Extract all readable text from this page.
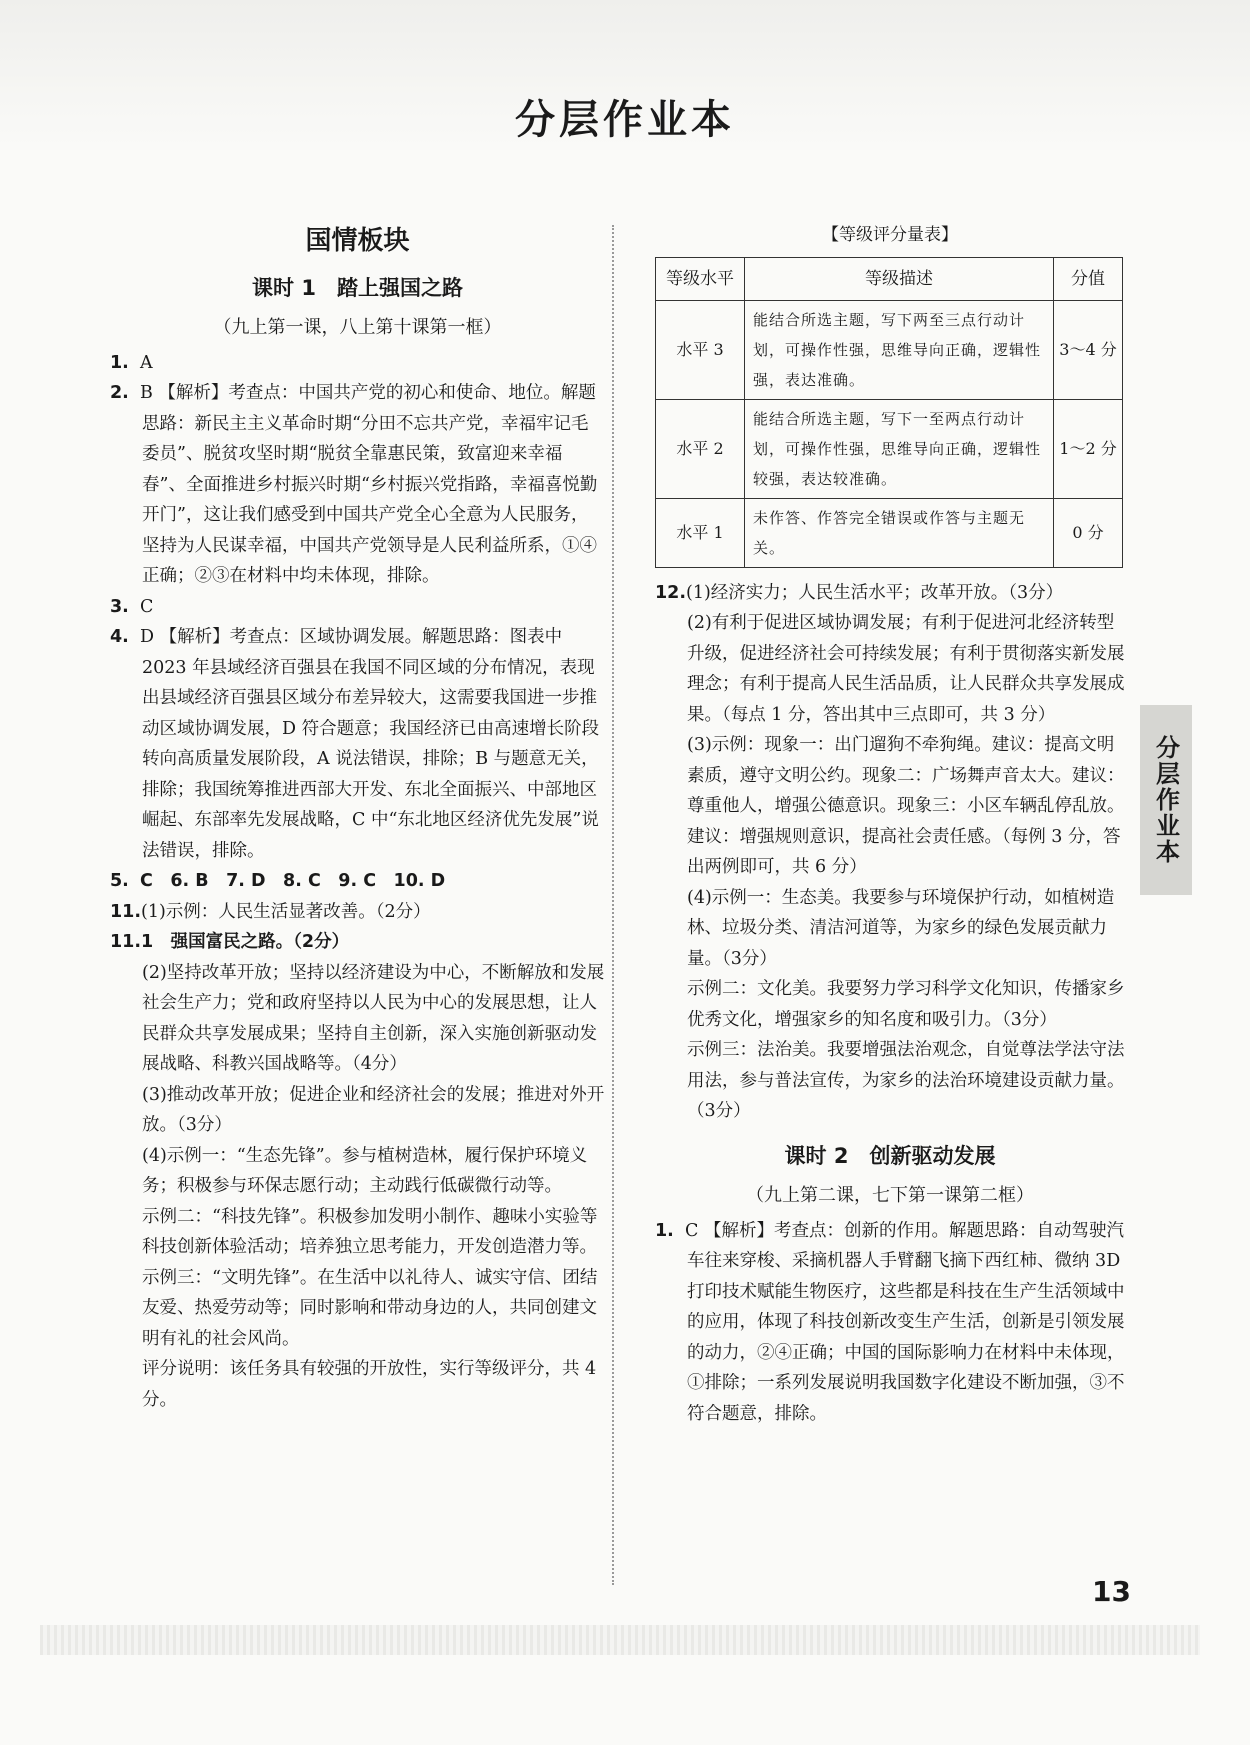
分层作业本
国情板块
课时 1　踏上强国之路
（九上第一课，八上第十课第一框）

1. A

2. B 【解析】考查点：中国共产党的初心和使命、地位。解题思路：新民主主义革命时期“分田不忘共产党，幸福牢记毛委员”、脱贫攻坚时期“脱贫全靠惠民策，致富迎来幸福春”、全面推进乡村振兴时期“乡村振兴党指路，幸福喜悦勤开门”，这让我们感受到中国共产党全心全意为人民服务，坚持为人民谋幸福，中国共产党领导是人民利益所系，①④正确；②③在材料中均未体现，排除。

3. C

4. D 【解析】考查点：区域协调发展。解题思路：图表中 2023 年县域经济百强县在我国不同区域的分布情况，表现出县域经济百强县区域分布差异较大，这需要我国进一步推动区域协调发展，D 符合题意；我国经济已由高速增长阶段转向高质量发展阶段，A 说法错误，排除；B 与题意无关，排除；我国统筹推进西部大开发、东北全面振兴、中部地区崛起、东部率先发展战略，C 中“东北地区经济优先发展”说法错误，排除。

5. C　6. B　7. D　8. C　9. C　10. D

11.(1)示例：人民生活显著改善。（2分）

11.1　强国富民之路。（2分）

(2)坚持改革开放；坚持以经济建设为中心，不断解放和发展社会生产力；党和政府坚持以人民为中心的发展思想，让人民群众共享发展成果；坚持自主创新，深入实施创新驱动发展战略、科教兴国战略等。（4分）

(3)推动改革开放；促进企业和经济社会的发展；推进对外开放。（3分）

(4)示例一：“生态先锋”。参与植树造林，履行保护环境义务；积极参与环保志愿行动；主动践行低碳微行动等。

示例二：“科技先锋”。积极参加发明小制作、趣味小实验等科技创新体验活动；培养独立思考能力，开发创造潜力等。

示例三：“文明先锋”。在生活中以礼待人、诚实守信、团结友爱、热爱劳动等；同时影响和带动身边的人，共同创建文明有礼的社会风尚。

评分说明：该任务具有较强的开放性，实行等级评分，共 4 分。

【等级评分量表】
等级水平	等级描述	分值
水平 3	能结合所选主题，写下两至三点行动计划，可操作性强，思维导向正确，逻辑性强，表达准确。	3～4 分
水平 2	能结合所选主题，写下一至两点行动计划，可操作性强，思维导向正确，逻辑性较强，表达较准确。	1～2 分
水平 1	未作答、作答完全错误或作答与主题无关。	0 分

12.(1)经济实力；人民生活水平；改革开放。（3分）

(2)有利于促进区域协调发展；有利于促进河北经济转型升级，促进经济社会可持续发展；有利于贯彻落实新发展理念；有利于提高人民生活品质，让人民群众共享发展成果。（每点 1 分，答出其中三点即可，共 3 分）

(3)示例：现象一：出门遛狗不牵狗绳。建议：提高文明素质，遵守文明公约。现象二：广场舞声音太大。建议：尊重他人，增强公德意识。现象三：小区车辆乱停乱放。建议：增强规则意识，提高社会责任感。（每例 3 分，答出两例即可，共 6 分）

(4)示例一：生态美。我要参与环境保护行动，如植树造林、垃圾分类、清洁河道等，为家乡的绿色发展贡献力量。（3分）

示例二：文化美。我要努力学习科学文化知识，传播家乡优秀文化，增强家乡的知名度和吸引力。（3分）

示例三：法治美。我要增强法治观念，自觉尊法学法守法用法，参与普法宣传，为家乡的法治环境建设贡献力量。（3分）

课时 2　创新驱动发展
（九上第二课，七下第一课第二框）

1. C 【解析】考查点：创新的作用。解题思路：自动驾驶汽车往来穿梭、采摘机器人手臂翻飞摘下西红柿、微纳 3D 打印技术赋能生物医疗，这些都是科技在生产生活领域中的应用，体现了科技创新改变生产生活，创新是引领发展的动力，②④正确；中国的国际影响力在材料中未体现，①排除；一系列发展说明我国数字化建设不断加强，③不符合题意，排除。

分层作业本
13
